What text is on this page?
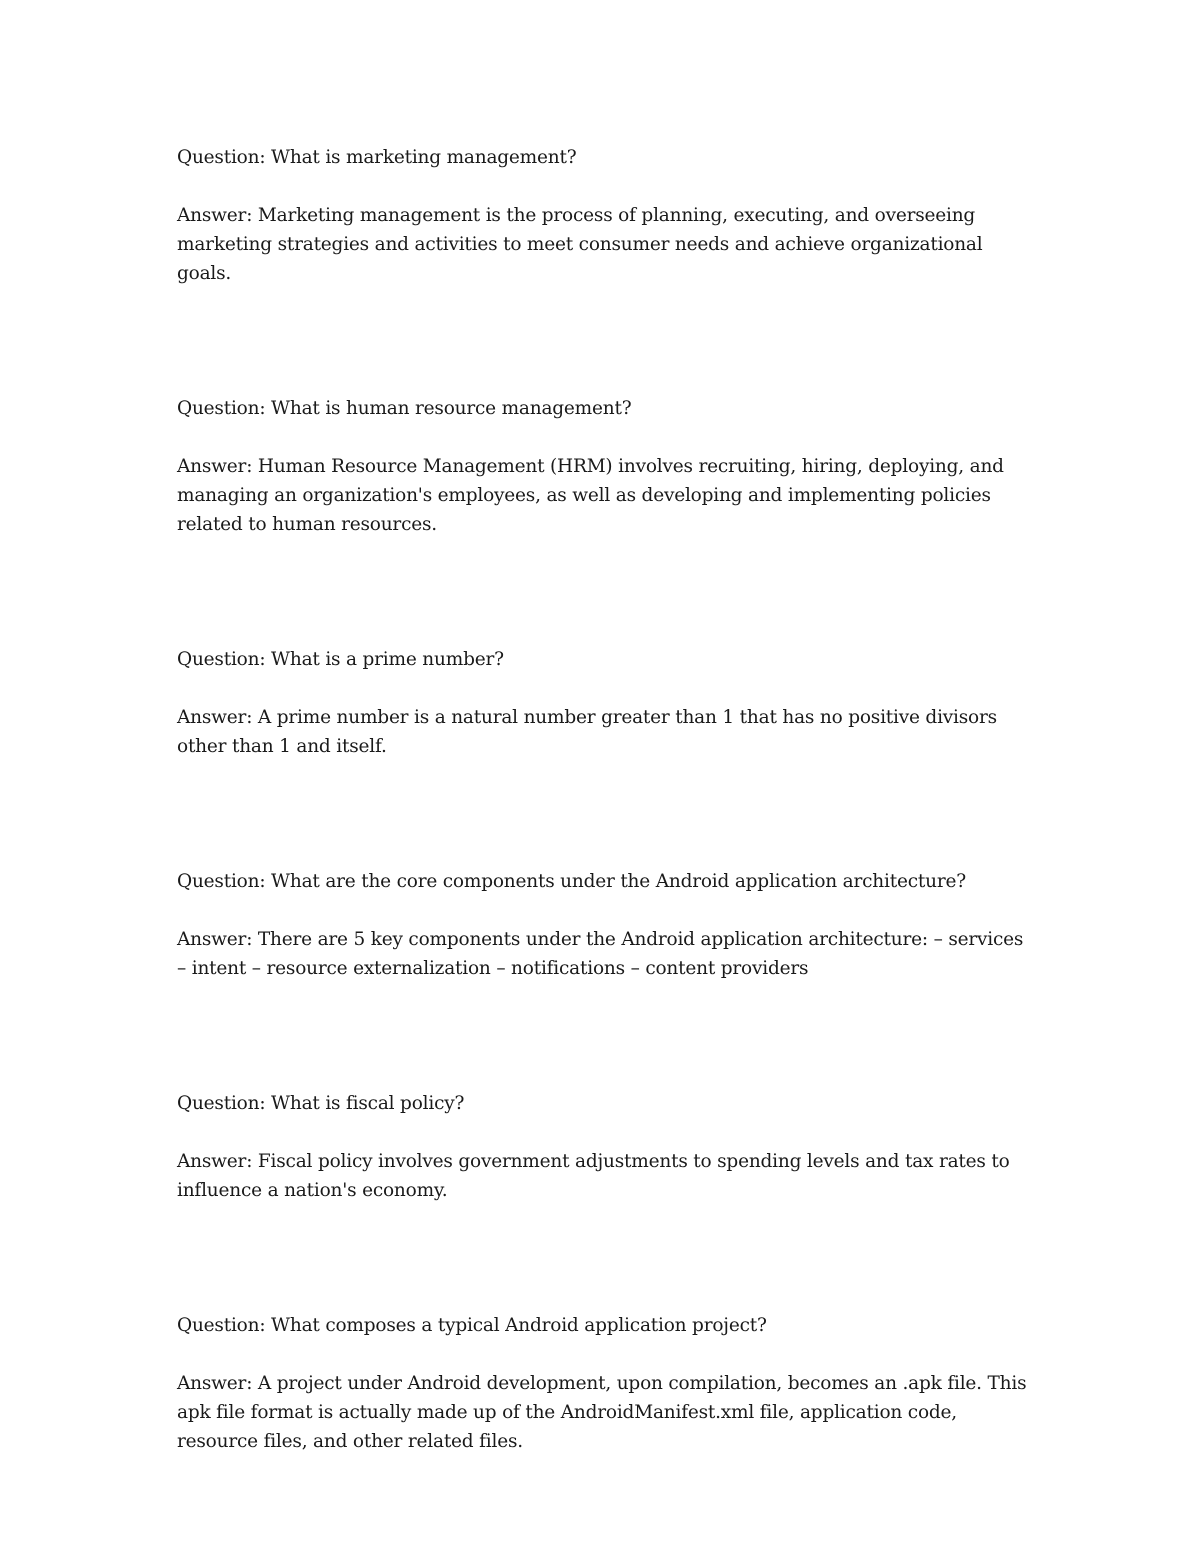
Question: What is marketing management?

Answer: Marketing management is the process of planning, executing, and overseeing marketing strategies and activities to meet consumer needs and achieve organizational goals.

Question: What is human resource management?

Answer: Human Resource Management (HRM) involves recruiting, hiring, deploying, and managing an organization's employees, as well as developing and implementing policies related to human resources.

Question: What is a prime number?

Answer: A prime number is a natural number greater than 1 that has no positive divisors other than 1 and itself.

Question: What are the core components under the Android application architecture?

Answer: There are 5 key components under the Android application architecture: – services – intent – resource externalization – notifications – content providers

Question: What is fiscal policy?

Answer: Fiscal policy involves government adjustments to spending levels and tax rates to influence a nation's economy.

Question: What composes a typical Android application project?

Answer: A project under Android development, upon compilation, becomes an .apk file. This apk file format is actually made up of the AndroidManifest.xml file, application code, resource files, and other related files.
